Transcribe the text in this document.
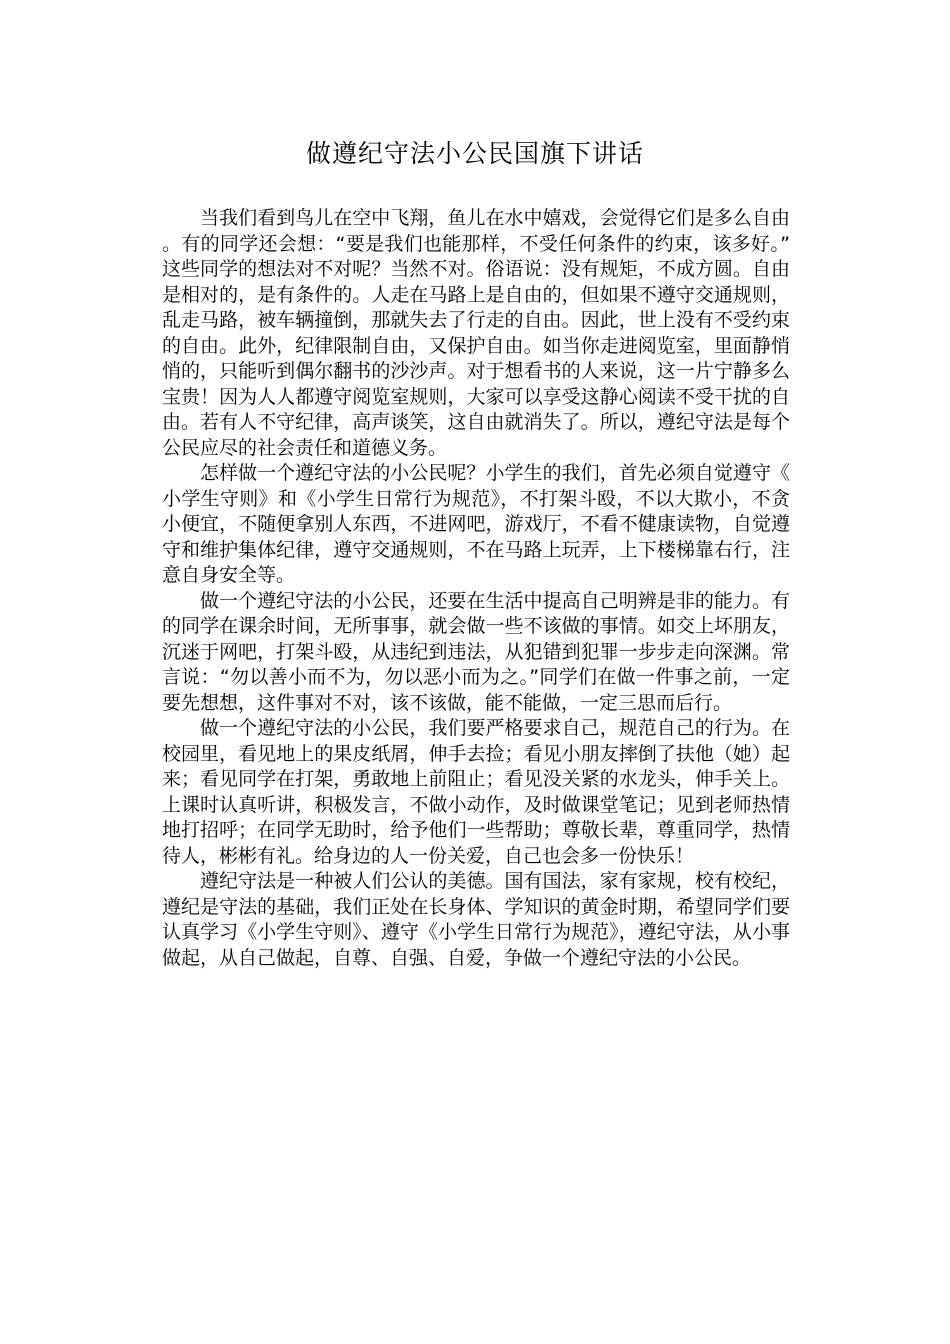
做遵纪守法小公民国旗下讲话

当我们看到鸟儿在空中飞翔，鱼儿在水中嬉戏，会觉得它们是多么自由。有的同学还会想：“要是我们也能那样，不受任何条件的约束，该多好。”这些同学的想法对不对呢？当然不对。俗语说：没有规矩，不成方圆。自由是相对的，是有条件的。人走在马路上是自由的，但如果不遵守交通规则，乱走马路，被车辆撞倒，那就失去了行走的自由。因此，世上没有不受约束的自由。此外，纪律限制自由，又保护自由。如当你走进阅览室，里面静悄悄的，只能听到偶尔翻书的沙沙声。对于想看书的人来说，这一片宁静多么宝贵！因为人人都遵守阅览室规则，大家可以享受这静心阅读不受干扰的自由。若有人不守纪律，高声谈笑，这自由就消失了。所以，遵纪守法是每个公民应尽的社会责任和道德义务。

怎样做一个遵纪守法的小公民呢？小学生的我们，首先必须自觉遵守《小学生守则》和《小学生日常行为规范》，不打架斗殴，不以大欺小，不贪小便宜，不随便拿别人东西，不进网吧，游戏厅，不看不健康读物，自觉遵守和维护集体纪律，遵守交通规则，不在马路上玩弄，上下楼梯靠右行，注意自身安全等。

做一个遵纪守法的小公民，还要在生活中提高自己明辨是非的能力。有的同学在课余时间，无所事事，就会做一些不该做的事情。如交上坏朋友，沉迷于网吧，打架斗殴，从违纪到违法，从犯错到犯罪一步步走向深渊。常言说：“勿以善小而不为，勿以恶小而为之。”同学们在做一件事之前，一定要先想想，这件事对不对，该不该做，能不能做，一定三思而后行。

做一个遵纪守法的小公民，我们要严格要求自己，规范自己的行为。在校园里，看见地上的果皮纸屑，伸手去捡；看见小朋友摔倒了扶他（她）起来；看见同学在打架，勇敢地上前阻止；看见没关紧的水龙头，伸手关上。上课时认真听讲，积极发言，不做小动作，及时做课堂笔记；见到老师热情地打招呼；在同学无助时，给予他们一些帮助；尊敬长辈，尊重同学，热情待人，彬彬有礼。给身边的人一份关爱，自己也会多一份快乐！

遵纪守法是一种被人们公认的美德。国有国法，家有家规，校有校纪，遵纪是守法的基础，我们正处在长身体、学知识的黄金时期，希望同学们要认真学习《小学生守则》、遵守《小学生日常行为规范》，遵纪守法，从小事做起，从自己做起，自尊、自强、自爱，争做一个遵纪守法的小公民。
